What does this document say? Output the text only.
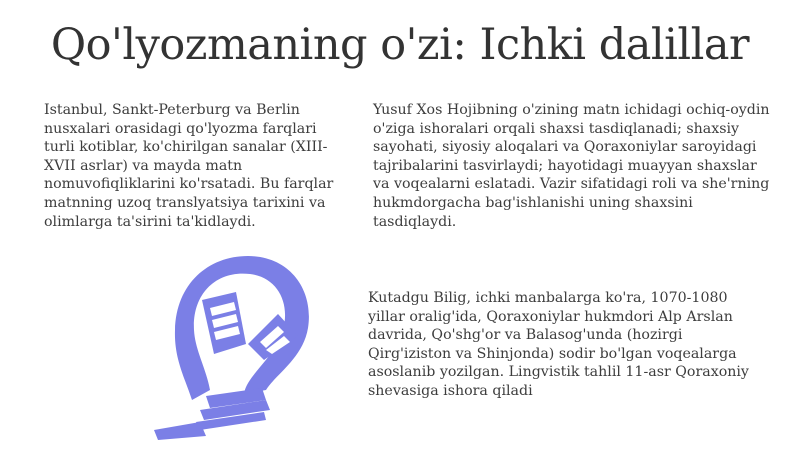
Qo'lyozmaning o'zi: Ichki dalillar
Istanbul, Sankt-Peterburg va Berlin nusxalari orasidagi qo'lyozma farqlari turli kotiblar, ko'chirilgan sanalar (XIII-XVII asrlar) va mayda matn nomuvofiqliklarini ko'rsatadi. Bu farqlar matnning uzoq translyatsiya tarixini va olimlarga ta'sirini ta'kidlaydi.
Yusuf Xos Hojibning o'zining matn ichidagi ochiq-oydin o'ziga ishoralari orqali shaxsi tasdiqlanadi; shaxsiy sayohati, siyosiy aloqalari va Qoraxoniylar saroyidagi tajribalarini tasvirlaydi; hayotidagi muayyan shaxslar va voqealarni eslatadi. Vazir sifatidagi roli va she'rning hukmdorgacha bag'ishlanishi uning shaxsini tasdiqlaydi.
Kutadgu Bilig, ichki manbalarga ko'ra, 1070-1080 yillar oralig'ida, Qoraxoniylar hukmdori Alp Arslan davrida, Qo'shg'or va Balasog'unda (hozirgi Qirg'iziston va Shinjonda) sodir bo'lgan voqealarga asoslanib yozilgan. Lingvistik tahlil 11-asr Qoraxoniy shevasiga ishora qiladi
